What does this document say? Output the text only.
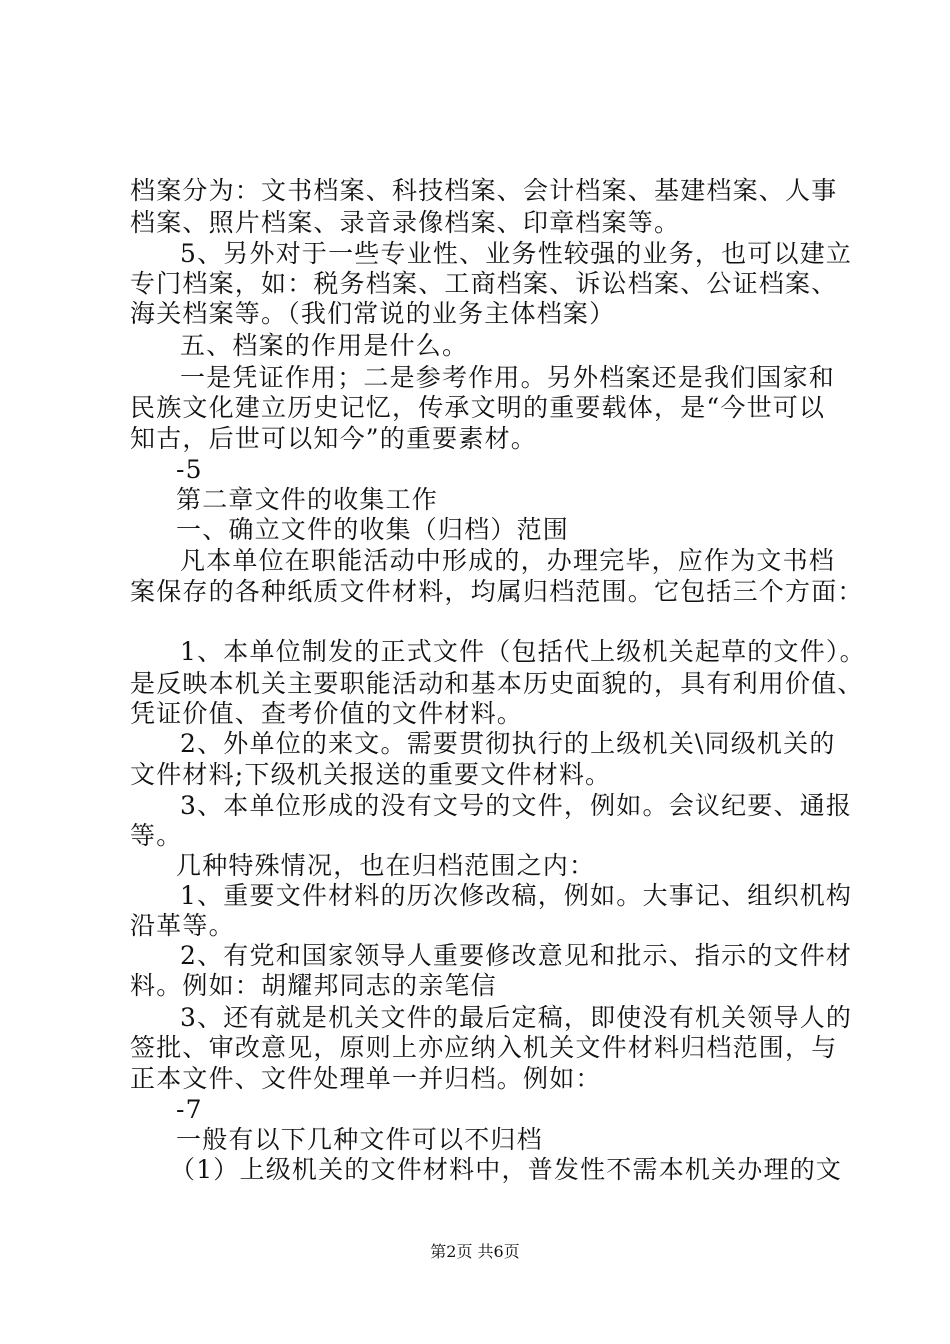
档案分为：文书档案、科技档案、会计档案、基建档案、人事
档案、照片档案、录音录像档案、印章档案等。
5、另外对于一些专业性、业务性较强的业务，也可以建立
专门档案，如：税务档案、工商档案、诉讼档案、公证档案、
海关档案等。（我们常说的业务主体档案）
五、档案的作用是什么。
一是凭证作用；二是参考作用。另外档案还是我们国家和
民族文化建立历史记忆，传承文明的重要载体，是“今世可以
知古，后世可以知今”的重要素材。
-5
第二章文件的收集工作
一、确立文件的收集（归档）范围
凡本单位在职能活动中形成的，办理完毕，应作为文书档
案保存的各种纸质文件材料，均属归档范围。它包括三个方面：
1、本单位制发的正式文件（包括代上级机关起草的文件）。
是反映本机关主要职能活动和基本历史面貌的，具有利用价值、
凭证价值、查考价值的文件材料。
2、外单位的来文。需要贯彻执行的上级机关\同级机关的
文件材料;下级机关报送的重要文件材料。
3、本单位形成的没有文号的文件，例如。会议纪要、通报
等。
几种特殊情况，也在归档范围之内：
1、重要文件材料的历次修改稿，例如。大事记、组织机构
沿革等。
2、有党和国家领导人重要修改意见和批示、指示的文件材
料。例如：胡耀邦同志的亲笔信
3、还有就是机关文件的最后定稿，即使没有机关领导人的
签批、审改意见，原则上亦应纳入机关文件材料归档范围，与
正本文件、文件处理单一并归档。例如：
-7
一般有以下几种文件可以不归档
（1）上级机关的文件材料中，普发性不需本机关办理的文
第2页 共6页
